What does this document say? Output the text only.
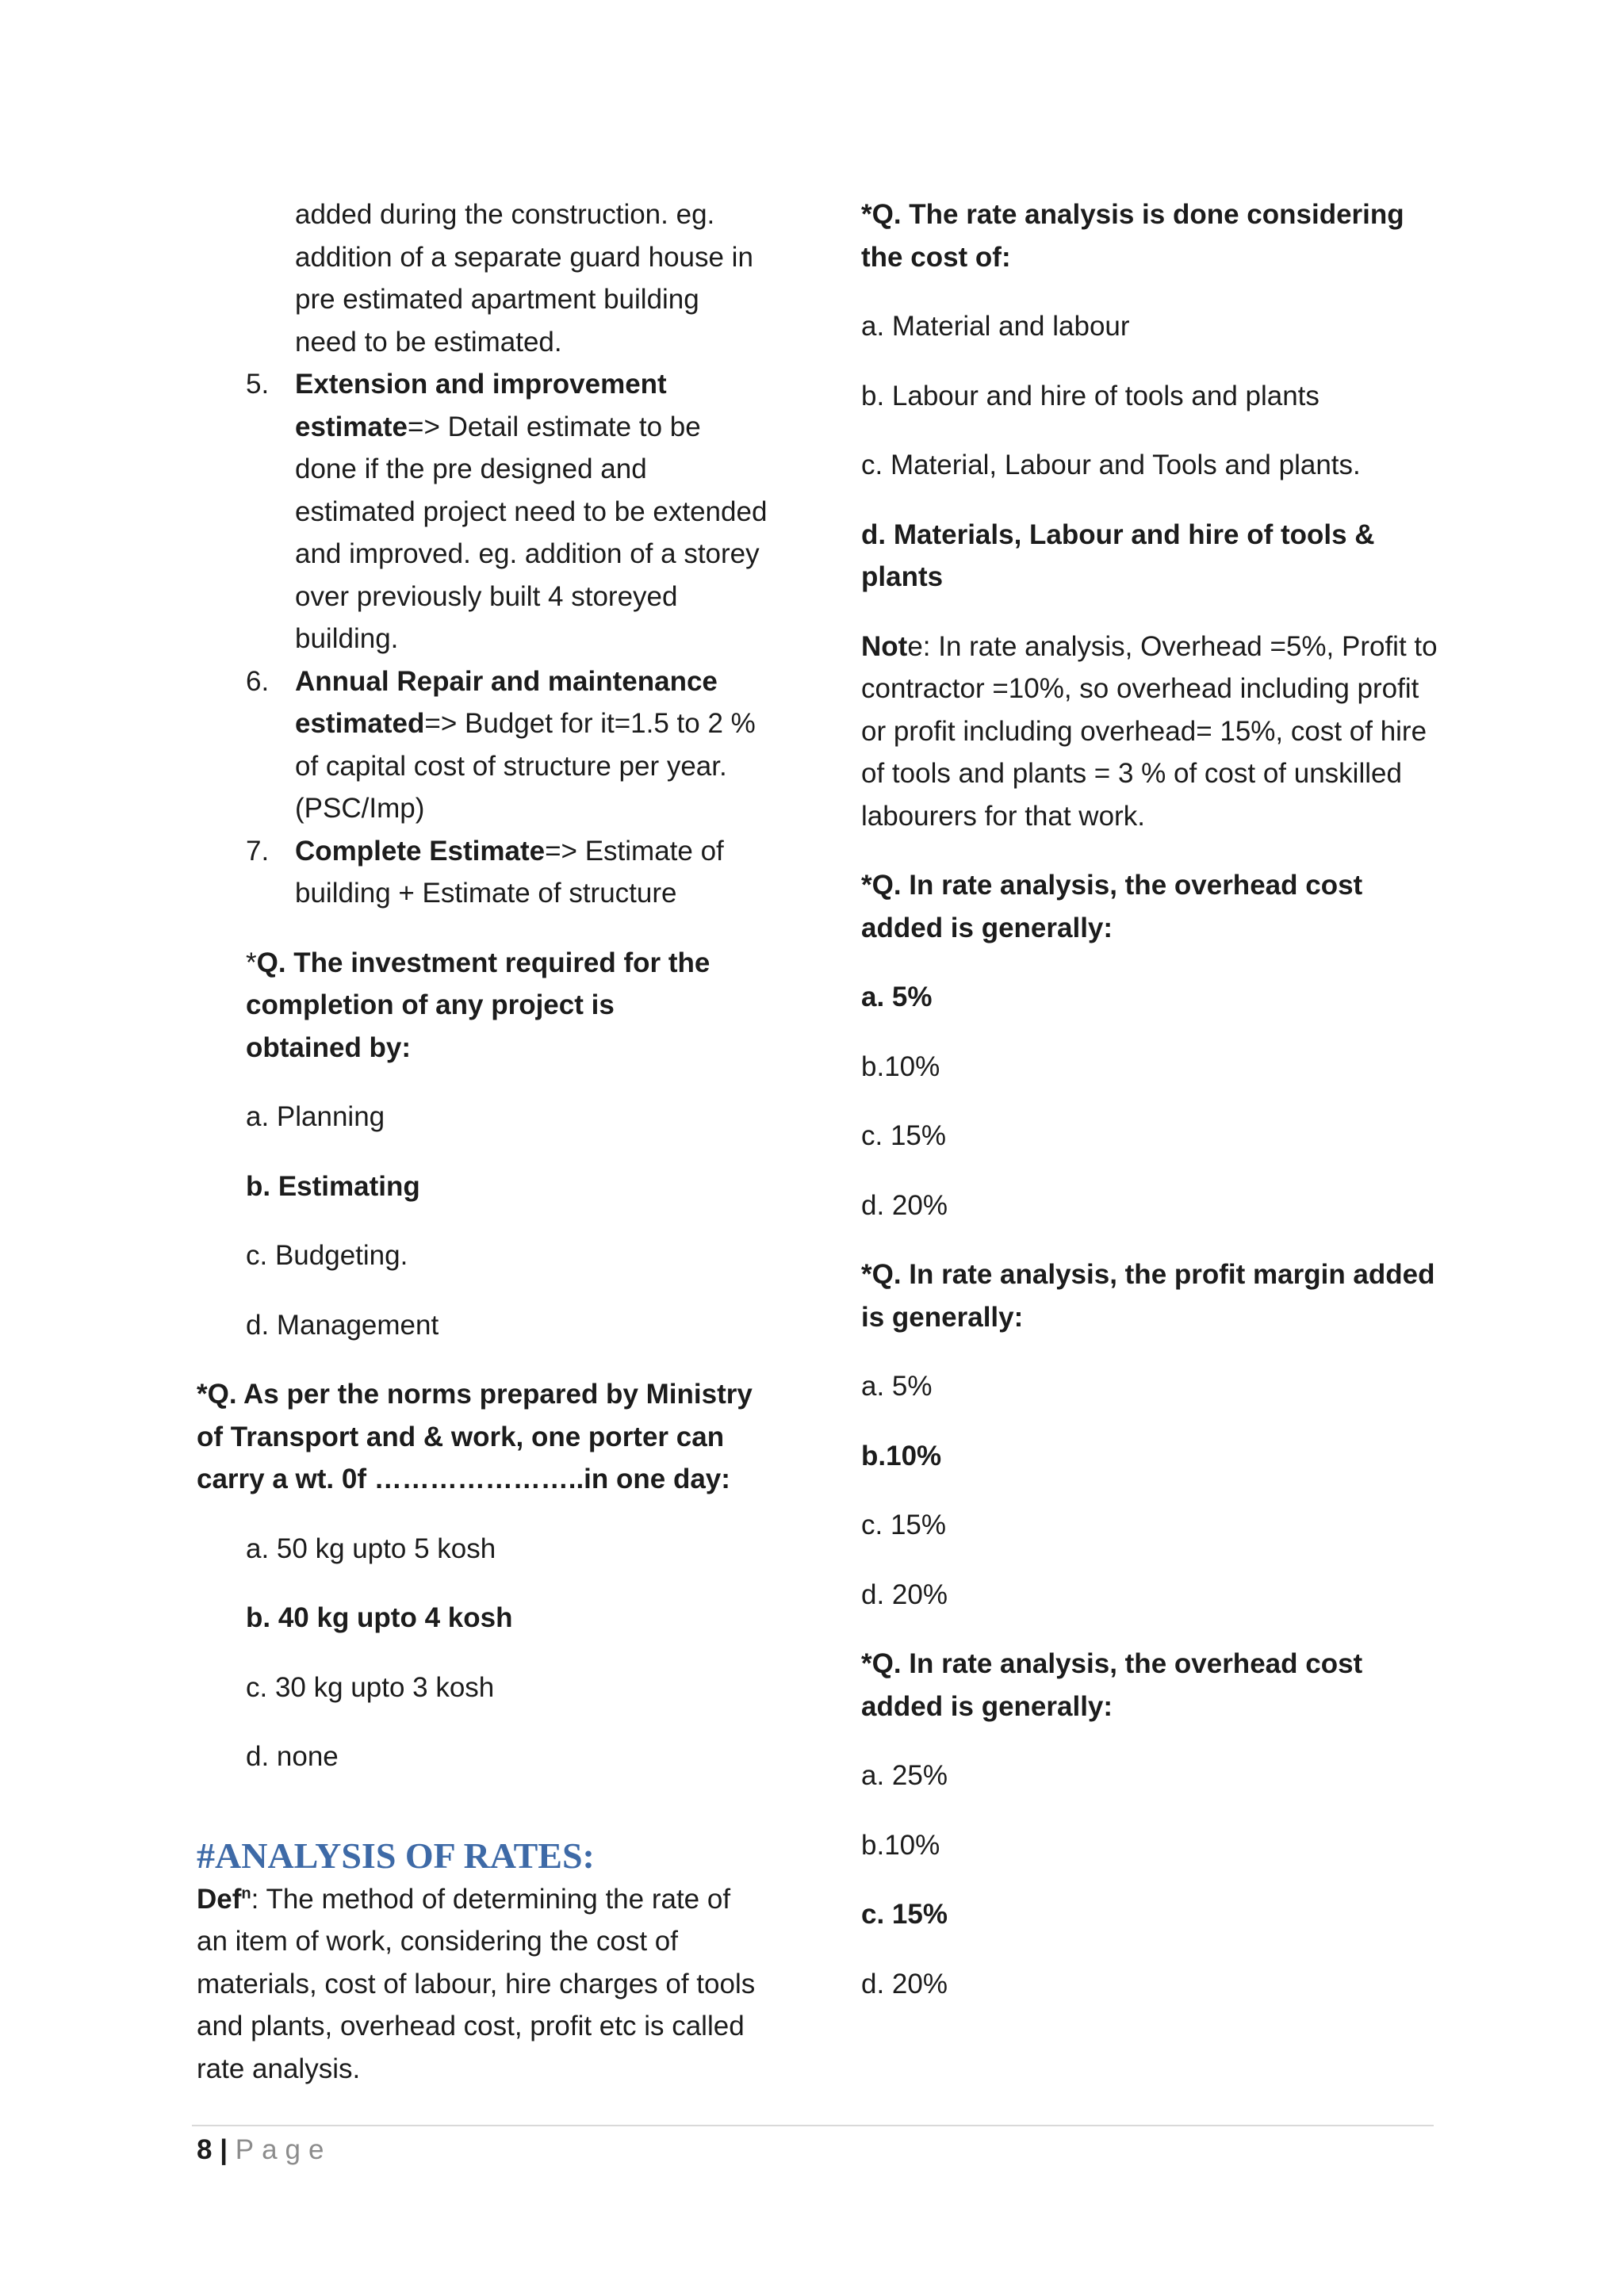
added during the construction. eg. addition of a separate guard house in pre estimated apartment building need to be estimated.

5. Extension and improvement estimate=> Detail estimate to be done if the pre designed and estimated project need to be extended and improved. eg. addition of a storey over previously built 4 storeyed building.
6. Annual Repair and maintenance estimated=> Budget for it=1.5 to 2 % of capital cost of structure per year.(PSC/Imp)
7. Complete Estimate=> Estimate of building + Estimate of structure

*Q. The investment required for the completion of any project is obtained by:

a. Planning

b. Estimating

c. Budgeting.

d. Management

*Q. As per the norms prepared by Ministry of Transport and & work, one porter can carry a wt. 0f …………………..in one day:

a. 50 kg upto 5 kosh

b. 40 kg upto 4 kosh

c. 30 kg upto 3 kosh

d. none

#ANALYSIS OF RATES:

Def$^n$: The method of determining the rate of an item of work, considering the cost of materials, cost of labour, hire charges of tools and plants, overhead cost, profit etc is called rate analysis.

*Q. The rate analysis is done considering the cost of:

a. Material and labour

b. Labour and hire of tools and plants

c. Material, Labour and Tools and plants.

d. Materials, Labour and hire of tools & plants

Note: In rate analysis, Overhead =5%, Profit to contractor =10%, so overhead including profit or profit including overhead= 15%, cost of hire of tools and plants = 3 % of cost of unskilled labourers for that work.

*Q. In rate analysis, the overhead cost added is generally:

a. 5%

b.10%

c. 15%

d. 20%

*Q. In rate analysis, the profit margin added is generally:

a. 5%

b.10%

c. 15%

d. 20%

*Q. In rate analysis, the overhead cost added is generally:

a. 25%

b.10%

c. 15%

d. 20%

8 | Page
